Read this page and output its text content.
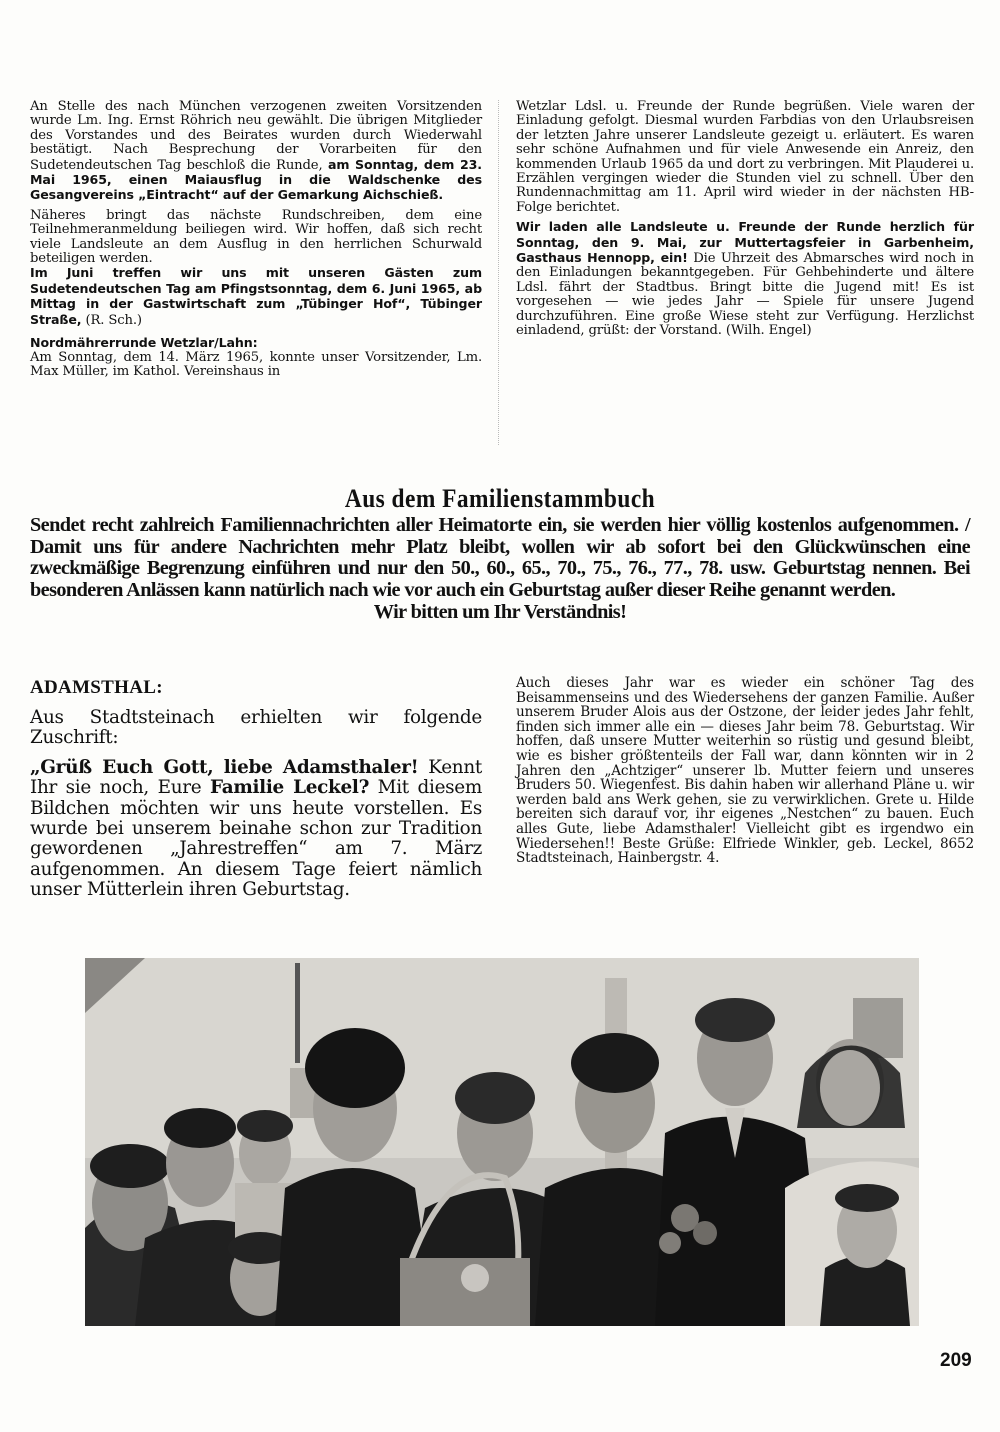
An Stelle des nach München verzogenen zweiten Vorsitzenden wurde Lm. Ing. Ernst Röhrich neu gewählt. Die übrigen Mitglieder des Vorstandes und des Beirates wurden durch Wiederwahl bestätigt. Nach Besprechung der Vorarbeiten für den Sudetendeutschen Tag beschloß die Runde, am Sonntag, dem 23. Mai 1965, einen Maiausflug in die Waldschenke des Gesangvereins „Eintracht“ auf der Gemarkung Aichschieß.

Näheres bringt das nächste Rundschreiben, dem eine Teilnehmeranmeldung beiliegen wird. Wir hoffen, daß sich recht viele Landsleute an dem Ausflug in den herrlichen Schurwald beteiligen werden.

Im Juni treffen wir uns mit unseren Gästen zum Sudetendeutschen Tag am Pfingstsonntag, dem 6. Juni 1965, ab Mittag in der Gastwirtschaft zum „Tübinger Hof“, Tübinger Straße, (R. Sch.)

Nordmährerrunde Wetzlar/Lahn:

Am Sonntag, dem 14. März 1965, konnte unser Vorsitzender, Lm. Max Müller, im Kathol. Vereinshaus in

Wetzlar Ldsl. u. Freunde der Runde begrüßen. Viele waren der Einladung gefolgt. Diesmal wurden Farbdias von den Urlaubsreisen der letzten Jahre unserer Landsleute gezeigt u. erläutert. Es waren sehr schöne Aufnahmen und für viele Anwesende ein Anreiz, den kommenden Urlaub 1965 da und dort zu verbringen. Mit Plauderei u. Erzählen vergingen wieder die Stunden viel zu schnell. Über den Rundennachmittag am 11. April wird wieder in der nächsten HB-Folge berichtet.

Wir laden alle Landsleute u. Freunde der Runde herzlich für Sonntag, den 9. Mai, zur Muttertagsfeier in Garbenheim, Gasthaus Hennopp, ein! Die Uhrzeit des Abmarsches wird noch in den Einladungen bekanntgegeben. Für Gehbehinderte und ältere Ldsl. fährt der Stadtbus. Bringt bitte die Jugend mit! Es ist vorgesehen — wie jedes Jahr — Spiele für unsere Jugend durchzuführen. Eine große Wiese steht zur Verfügung. Herzlichst einladend, grüßt: der Vorstand. (Wilh. Engel)

Aus dem Familienstammbuch
Sendet recht zahlreich Familiennachrichten aller Heimatorte ein, sie werden hier völlig kostenlos aufgenommen. / Damit uns für andere Nachrichten mehr Platz bleibt, wollen wir ab sofort bei den Glückwünschen eine zweckmäßige Begrenzung einführen und nur den 50., 60., 65., 70., 75., 76., 77., 78. usw. Geburtstag nennen. Bei besonderen Anlässen kann natürlich nach wie vor auch ein Geburtstag außer dieser Reihe genannt werden.
Wir bitten um Ihr Verständnis!
ADAMSTHAL:

Aus Stadtsteinach erhielten wir folgende Zuschrift:

„Grüß Euch Gott, liebe Adamsthaler! Kennt Ihr sie noch, Eure Familie Leckel? Mit diesem Bildchen möchten wir uns heute vorstellen. Es wurde bei unserem beinahe schon zur Tradition gewordenen „Jahrestreffen“ am 7. März aufgenommen. An diesem Tage feiert nämlich unser Mütterlein ihren Geburtstag.

Auch dieses Jahr war es wieder ein schöner Tag des Beisammenseins und des Wiedersehens der ganzen Familie. Außer unserem Bruder Alois aus der Ostzone, der leider jedes Jahr fehlt, finden sich immer alle ein — dieses Jahr beim 78. Geburtstag. Wir hoffen, daß unsere Mutter weiterhin so rüstig und gesund bleibt, wie es bisher größtenteils der Fall war, dann könnten wir in 2 Jahren den „Achtziger“ unserer lb. Mutter feiern und unseres Bruders 50. Wiegenfest. Bis dahin haben wir allerhand Pläne u. wir werden bald ans Werk gehen, sie zu verwirklichen. Grete u. Hilde bereiten sich darauf vor, ihr eigenes „Nestchen“ zu bauen. Euch alles Gute, liebe Adamsthaler! Vielleicht gibt es irgendwo ein Wiedersehen!! Beste Grüße: Elfriede Winkler, geb. Leckel, 8652 Stadtsteinach, Hainbergstr. 4.

209
